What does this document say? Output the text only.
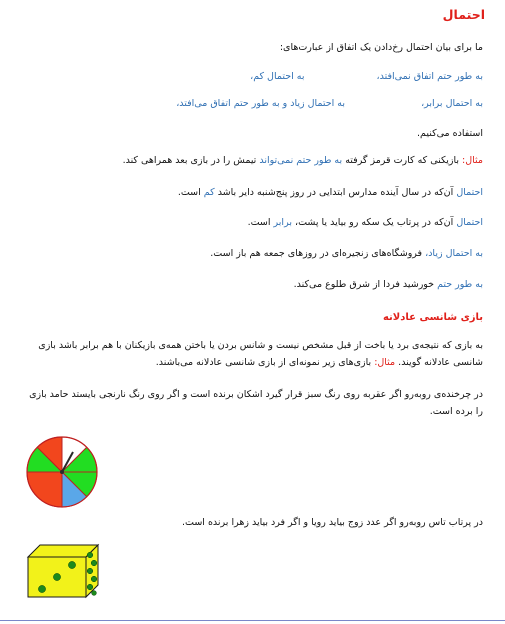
احتمال
ما برای بیان احتمال رخ‌دادن یک اتفاق از عبارت‌های:
به طور حتم اتفاق نمی‌افتد،  به احتمال کم،
به احتمال برابر،  به احتمال زیاد و به طور حتم اتفاق می‌افتد،
استفاده می‌کنیم.
مثال: بازیکنی که کارت قرمز گرفته به طور حتم نمی‌تواند تیمش را در بازی بعد همراهی کند.
احتمال آن‌که در سال آینده مدارس ابتدایی در روز پنج‌شنبه دایر باشد کم است.
احتمال آن‌که در پرتاب یک سکه رو بیاید یا پشت، برابر است.
به احتمال زیاد، فروشگاه‌های زنجیره‌ای در روزهای جمعه هم باز است.
به طور حتم خورشید فردا از شرق طلوع می‌کند.
بازی شانسی عادلانه
به بازی که نتیجه‌ی برد یا باخت از قبل مشخص نیست و شانس بردن یا باختن همه‌ی بازیکنان با هم برابر باشد بازی شانسی عادلانه گویند. مثال: بازی‌های زیر نمونه‌ای از بازی شانسی عادلانه می‌باشند.
در چرخنده‌ی روبه‌رو اگر عقربه روی رنگ سبز قرار گیرد اشکان برنده است و اگر روی رنگ نارنجی بایستد حامد بازی را برده است.
در پرتاب تاس روبه‌رو اگر عدد زوج بیاید رویا و اگر فرد بیاید زهرا برنده است.
